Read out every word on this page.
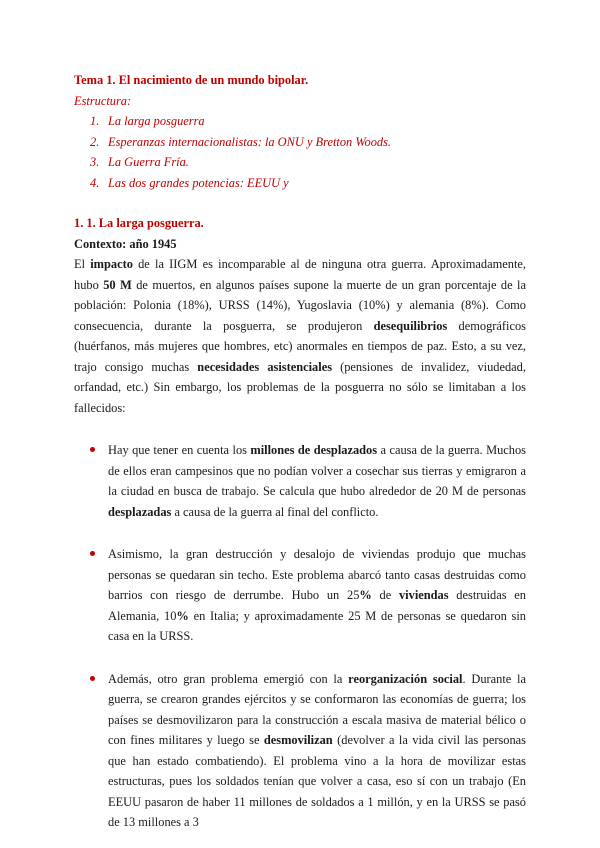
Tema 1. El nacimiento de un mundo bipolar.

Estructura:

1. La larga posguerra
2. Esperanzas internacionalistas: la ONU y Bretton Woods.
3. La Guerra Fría.
4. Las dos grandes potencias: EEUU y

1. 1. La larga posguerra.

Contexto: año 1945

El impacto de la IIGM es incomparable al de ninguna otra guerra. Aproximadamente, hubo 50 M de muertos, en algunos países supone la muerte de un gran porcentaje de la población: Polonia (18%), URSS (14%), Yugoslavia (10%) y alemania (8%). Como consecuencia, durante la posguerra, se produjeron desequilibrios demográficos (huérfanos, más mujeres que hombres, etc) anormales en tiempos de paz. Esto, a su vez, trajo consigo muchas necesidades asistenciales (pensiones de invalidez, viudedad, orfandad, etc.) Sin embargo, los problemas de la posguerra no sólo se limitaban a los fallecidos:

Hay que tener en cuenta los millones de desplazados a causa de la guerra. Muchos de ellos eran campesinos que no podían volver a cosechar sus tierras y emigraron a la ciudad en busca de trabajo. Se calcula que hubo alrededor de 20 M de personas desplazadas a causa de la guerra al final del conflicto.
Asimismo, la gran destrucción y desalojo de viviendas produjo que muchas personas se quedaran sin techo. Este problema abarcó tanto casas destruidas como barrios con riesgo de derrumbe. Hubo un 25% de viviendas destruidas en Alemania, 10% en Italia; y aproximadamente 25 M de personas se quedaron sin casa en la URSS.
Además, otro gran problema emergió con la reorganización social. Durante la guerra, se crearon grandes ejércitos y se conformaron las economías de guerra; los países se desmovilizaron para la construcción a escala masiva de material bélico o con fines militares y luego se desmovilizan (devolver a la vida civil las personas que han estado combatiendo). El problema vino a la hora de movilizar estas estructuras, pues los soldados tenían que volver a casa, eso sí con un trabajo (En EEUU pasaron de haber 11 millones de soldados a 1 millón, y en la URSS se pasó de 13 millones a 3
